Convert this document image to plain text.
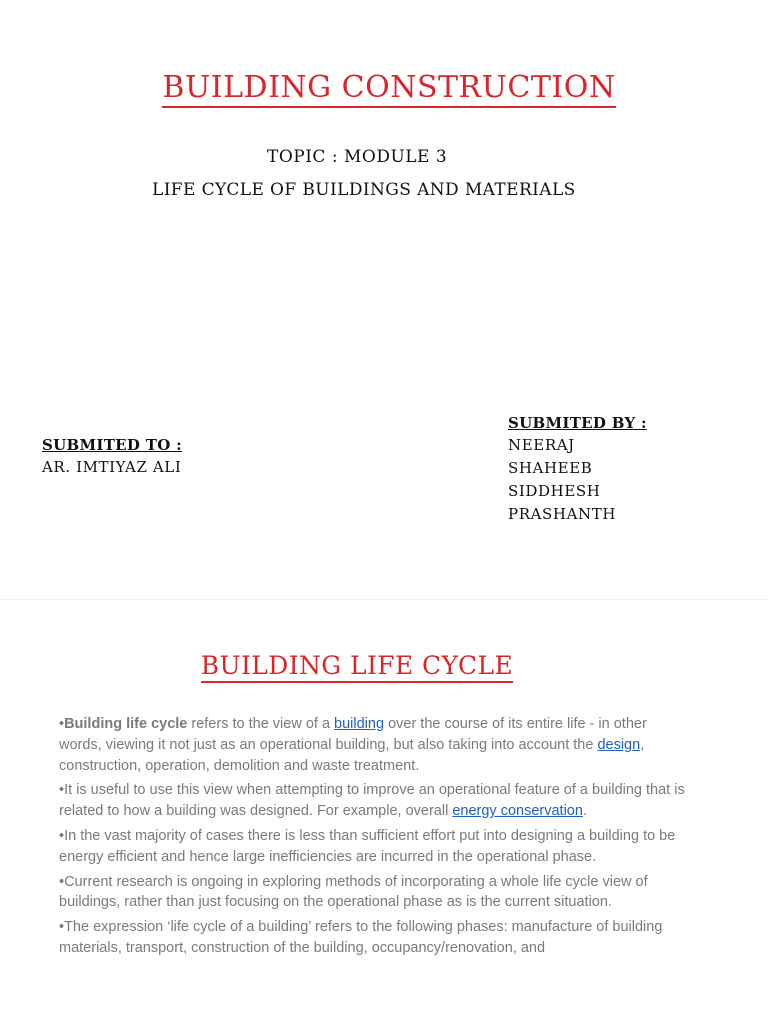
BUILDING CONSTRUCTION
TOPIC : MODULE 3
LIFE CYCLE OF BUILDINGS AND MATERIALS
SUBMITED TO :
AR. IMTIYAZ ALI
SUBMITED BY :
NEERAJ
SHAHEEB
SIDDHESH
PRASHANTH
BUILDING LIFE CYCLE

•Building life cycle refers to the view of a building over the course of its entire life - in other words, viewing it not just as an operational building, but also taking into account the design, construction, operation, demolition and waste treatment.

•It is useful to use this view when attempting to improve an operational feature of a building that is related to how a building was designed. For example, overall energy conservation.

•In the vast majority of cases there is less than sufficient effort put into designing a building to be energy efficient and hence large inefficiencies are incurred in the operational phase.

•Current research is ongoing in exploring methods of incorporating a whole life cycle view of buildings, rather than just focusing on the operational phase as is the current situation.

•The expression ‘life cycle of a building’ refers to the following phases: manufacture of building materials, transport, construction of the building, occupancy/renovation, and
